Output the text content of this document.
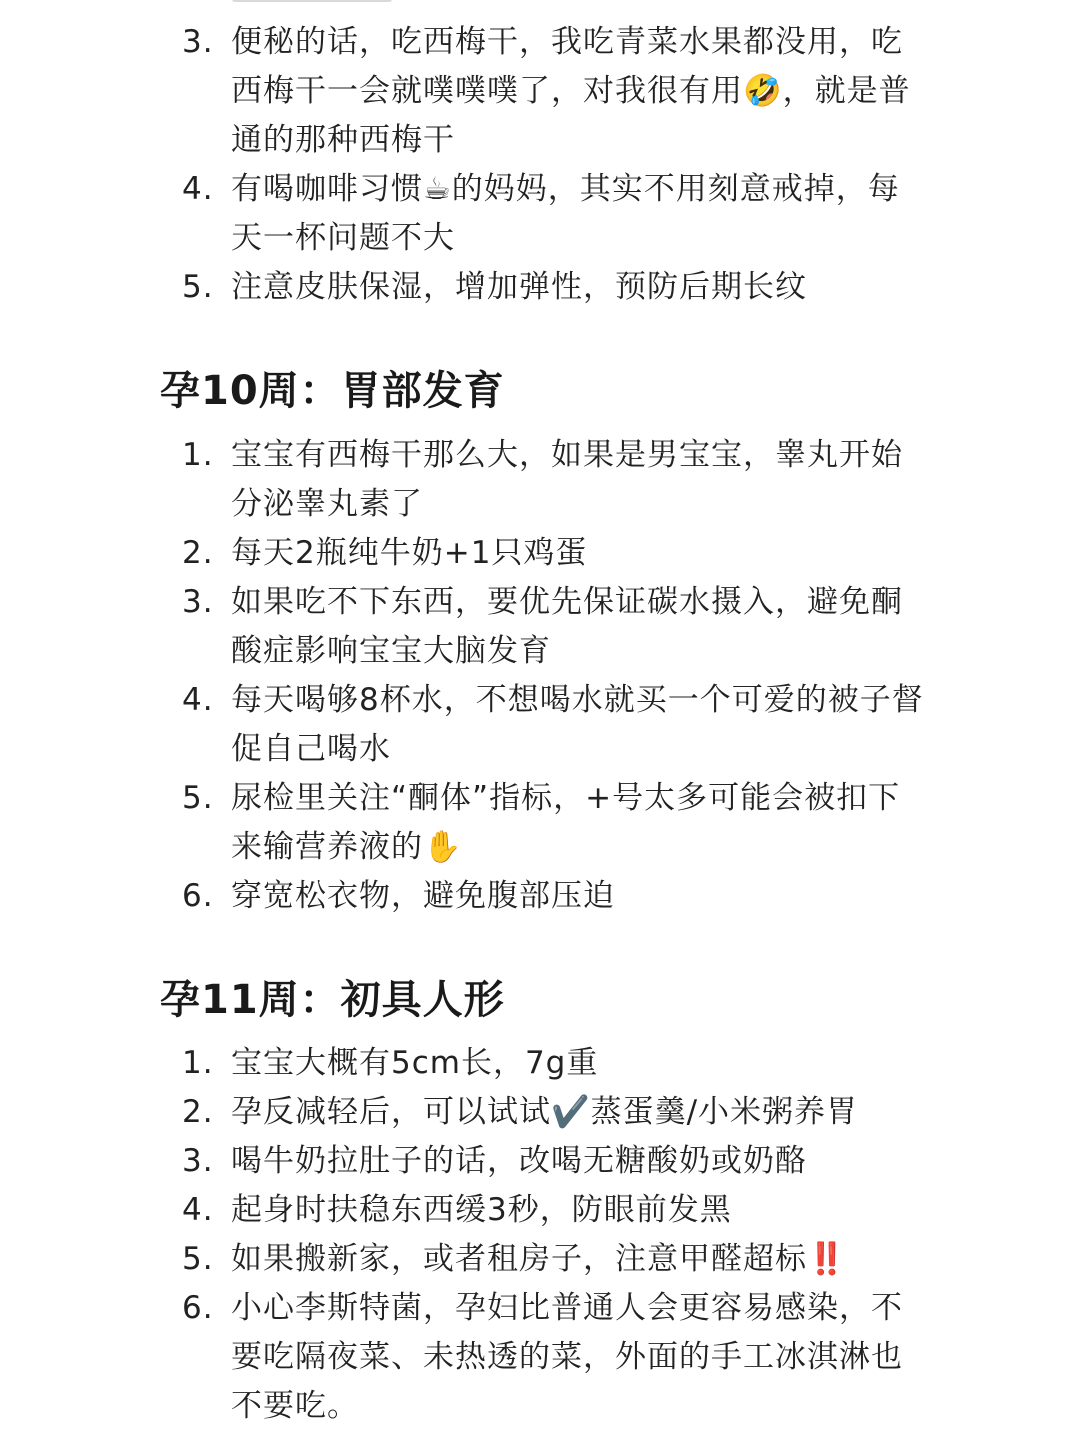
3. 便秘的话，吃西梅干，我吃青菜水果都没用，吃西梅干一会就噗噗噗了，对我很有用🤣，就是普通的那种西梅干
4. 有喝咖啡习惯☕的妈妈，其实不用刻意戒掉，每天一杯问题不大
5. 注意皮肤保湿，增加弹性，预防后期长纹
孕10周：胃部发育
1. 宝宝有西梅干那么大，如果是男宝宝，睾丸开始分泌睾丸素了
2. 每天2瓶纯牛奶+1只鸡蛋
3. 如果吃不下东西，要优先保证碳水摄入，避免酮酸症影响宝宝大脑发育
4. 每天喝够8杯水，不想喝水就买一个可爱的被子督促自己喝水
5. 尿检里关注“酮体”指标，+号太多可能会被扣下来输营养液的✋
6. 穿宽松衣物，避免腹部压迫
孕11周：初具人形
1. 宝宝大概有5cm长，7g重
2. 孕反减轻后，可以试试✔️蒸蛋羹/小米粥养胃
3. 喝牛奶拉肚子的话，改喝无糖酸奶或奶酪
4. 起身时扶稳东西缓3秒，防眼前发黑
5. 如果搬新家，或者租房子，注意甲醛超标‼️
6. 小心李斯特菌，孕妇比普通人会更容易感染，不要吃隔夜菜、未热透的菜，外面的手工冰淇淋也不要吃。
